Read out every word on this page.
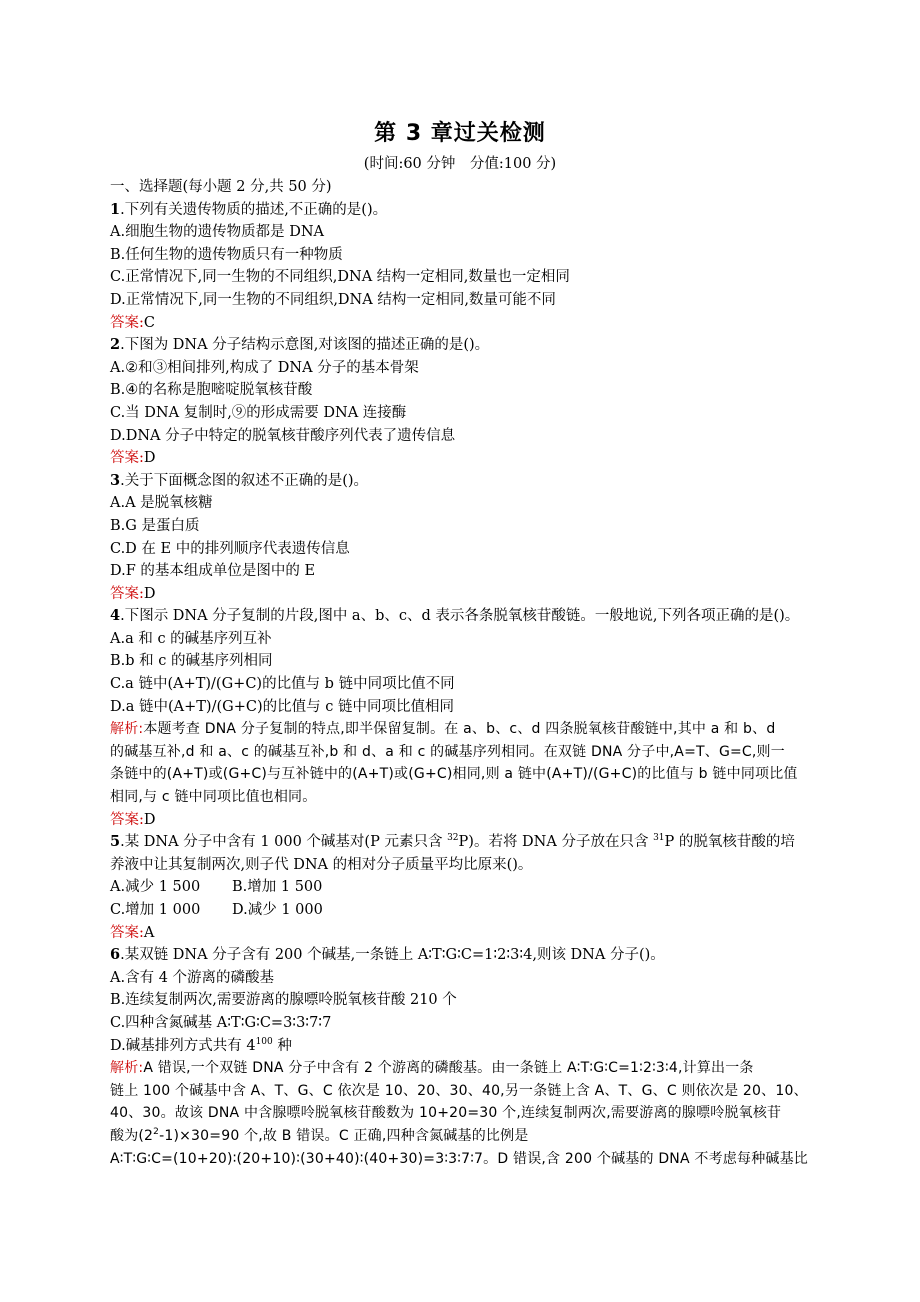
第 3 章过关检测
(时间:60 分钟　分值:100 分)
一、选择题(每小题 2 分,共 50 分)
1.下列有关遗传物质的描述,不正确的是()。
A.细胞生物的遗传物质都是 DNA
B.任何生物的遗传物质只有一种物质
C.正常情况下,同一生物的不同组织,DNA 结构一定相同,数量也一定相同
D.正常情况下,同一生物的不同组织,DNA 结构一定相同,数量可能不同
答案:C
2.下图为 DNA 分子结构示意图,对该图的描述正确的是()。
A.②和③相间排列,构成了 DNA 分子的基本骨架
B.④的名称是胞嘧啶脱氧核苷酸
C.当 DNA 复制时,⑨的形成需要 DNA 连接酶
D.DNA 分子中特定的脱氧核苷酸序列代表了遗传信息
答案:D
3.关于下面概念图的叙述不正确的是()。
A.A 是脱氧核糖
B.G 是蛋白质
C.D 在 E 中的排列顺序代表遗传信息
D.F 的基本组成单位是图中的 E
答案:D
4.下图示 DNA 分子复制的片段,图中 a、b、c、d 表示各条脱氧核苷酸链。一般地说,下列各项正确的是()。
A.a 和 c 的碱基序列互补
B.b 和 c 的碱基序列相同
C.a 链中(A+T)/(G+C)的比值与 b 链中同项比值不同
D.a 链中(A+T)/(G+C)的比值与 c 链中同项比值相同
解析:本题考查 DNA 分子复制的特点,即半保留复制。在 a、b、c、d 四条脱氧核苷酸链中,其中 a 和 b、d
的碱基互补,d 和 a、c 的碱基互补,b 和 d、a 和 c 的碱基序列相同。在双链 DNA 分子中,A=T、G=C,则一
条链中的(A+T)或(G+C)与互补链中的(A+T)或(G+C)相同,则 a 链中(A+T)/(G+C)的比值与 b 链中同项比值
相同,与 c 链中同项比值也相同。
答案:D
5.某 DNA 分子中含有 1 000 个碱基对(P 元素只含 $^{32}$P)。若将 DNA 分子放在只含 $^{31}$P 的脱氧核苷酸的培
养液中让其复制两次,则子代 DNA 的相对分子质量平均比原来()。
A.减少 1 500 B.增加 1 500
C.增加 1 000 D.减少 1 000
答案:A
6.某双链 DNA 分子含有 200 个碱基,一条链上 A∶T∶G∶C=1∶2∶3∶4,则该 DNA 分子()。
A.含有 4 个游离的磷酸基
B.连续复制两次,需要游离的腺嘌呤脱氧核苷酸 210 个
C.四种含氮碱基 A∶T∶G∶C=3∶3∶7∶7
D.碱基排列方式共有 $4^{100}$ 种
解析:A 错误,一个双链 DNA 分子中含有 2 个游离的磷酸基。由一条链上 A∶T∶G∶C=1∶2∶3∶4,计算出一条
链上 100 个碱基中含 A、T、G、C 依次是 10、20、30、40,另一条链上含 A、T、G、C 则依次是 20、10、
40、30。故该 DNA 中含腺嘌呤脱氧核苷酸数为 10+20=30 个,连续复制两次,需要游离的腺嘌呤脱氧核苷
酸为$(2^2-1)\times 30=90$ 个,故 B 错误。C 正确,四种含氮碱基的比例是
A∶T∶G∶C=(10+20)∶(20+10)∶(30+40)∶(40+30)=3∶3∶7∶7。D 错误,含 200 个碱基的 DNA 不考虑每种碱基比
